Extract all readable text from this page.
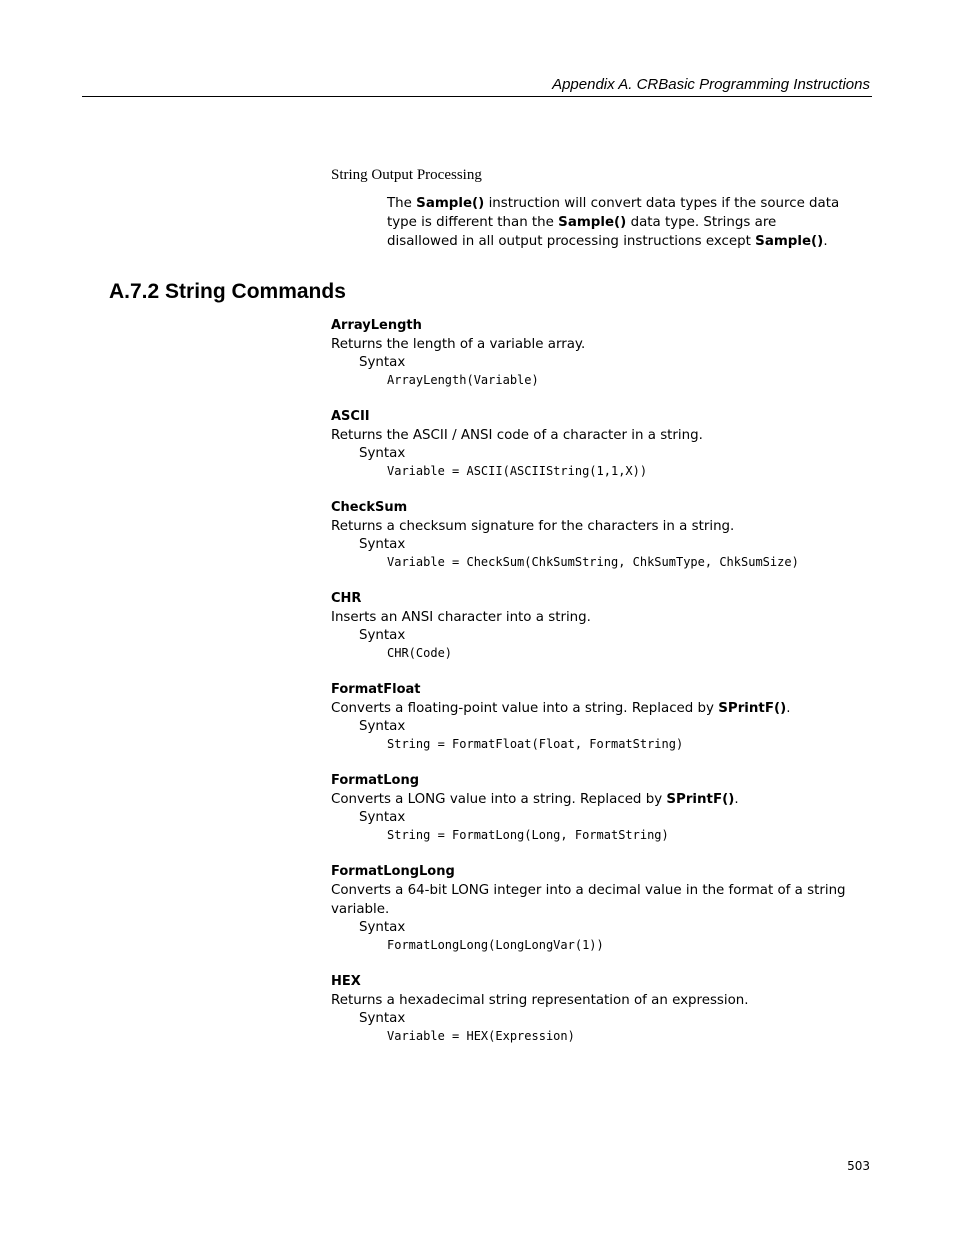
Appendix A. CRBasic Programming Instructions
String Output Processing
The Sample() instruction will convert data types if the source data type is different than the Sample() data type. Strings are disallowed in all output processing instructions except Sample().
A.7.2 String Commands
ArrayLength
Returns the length of a variable array.
Syntax
ArrayLength(Variable)
ASCII
Returns the ASCII / ANSI code of a character in a string.
Syntax
Variable = ASCII(ASCIIString(1,1,X))
CheckSum
Returns a checksum signature for the characters in a string.
Syntax
Variable = CheckSum(ChkSumString, ChkSumType, ChkSumSize)
CHR
Inserts an ANSI character into a string.
Syntax
CHR(Code)
FormatFloat
Converts a floating-point value into a string. Replaced by SPrintF().
Syntax
String = FormatFloat(Float, FormatString)
FormatLong
Converts a LONG value into a string. Replaced by SPrintF().
Syntax
String = FormatLong(Long, FormatString)
FormatLongLong
Converts a 64-bit LONG integer into a decimal value in the format of a string variable.
Syntax
FormatLongLong(LongLongVar(1))
HEX
Returns a hexadecimal string representation of an expression.
Syntax
Variable = HEX(Expression)
503
